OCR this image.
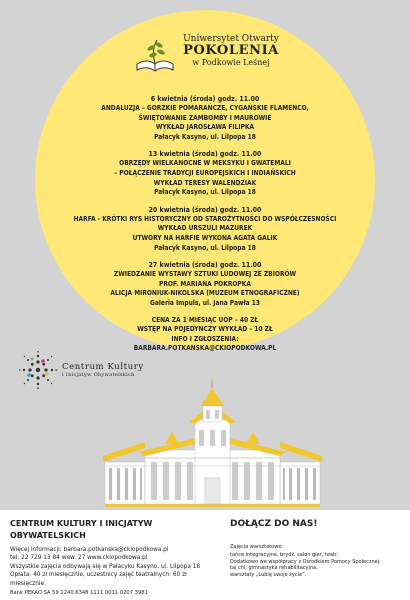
Uniwersytet Otwarty
POKOLENIA
w Podkowie Leśnej
6 kwietnia (środa) godz. 11.00
ANDALUZJA – GORZKIE POMARAŃCZE, CYGAŃSKIE FLAMENCO,
ŚWIĘTOWANIE ZAMBOMBY I MAUROWIE
WYKŁAD JAROSŁAWA FILIPKA
Pałacyk Kasyno, ul. Lilpopa 18
13 kwietnia (środa) godz. 11.00
OBRZĘDY WIELKANOCNE W MEKSYKU I GWATEMALI
– POŁĄCZENIE TRADYCJI EUROPEJSKICH I INDIAŃSKICH
WYKŁAD TERESY WALENDZIAK
Pałacyk Kasyno, ul. Lilpopa 18
20 kwietnia (środa) godz. 11.00
HARFA - KRÓTKI RYS HISTORYCZNY OD STAROŻYTNOŚCI DO WSPÓŁCZESNOŚCI
WYKŁAD URSZULI MAZUREK
UTWORY NA HARFIE WYKONA AGATA GALIK
Pałacyk Kasyno, ul. Lilpopa 18
27 kwietnia (środa) godz. 11.00
ZWIEDZANIE WYSTAWY SZTUKI LUDOWEJ ZE ZBIORÓW
PROF. MARIANA POKROPKA
ALICJA MIRONIUK-NIKOLSKA (MUZEUM ETNOGRAFICZNE)
Galeria Impuls, ul. Jana Pawła 13
CENA ZA 1 MIESIĄC UOP – 40 ZŁ
WSTĘP NA POJEDYNCZY WYKŁAD – 10 ZŁ
INFO I ZGŁOSZENIA:
BARBARA.POTKANSKA@CKIOPODKOWA.PL
Centrum Kultury
i Inicjatyw Obywatelskich
CENTRUM KULTURY I INICJATYW OBYWATELSKICH
Więcej informacji: barbara.potkanska@ckiopodkowa.pl
tel. 22 729 13 84 wew. 27 www.ckiopodkowa.pl
Wszystkie zajęcia odbywają się w Pałacyku Kasyno, ul. Lilpopa 18
Opłata: 40 zł miesięcznie, uczestnicy zajęć teatralnych: 60 zł miesięcznie.
Bank PEKAO SA 59 1240 6348 1111 0011 0207 3981
DOŁĄCZ DO NAS!
Zajęcia warsztatowe:
tańce integracyjne, brydż, salon gier, teatr.
Dodatkowo we współpracy z Ośrodkiem Pomocy Społecznej:
tai chi, gimnastyka rehabilitacyjna,
warsztaty „Lubię swoje życie”.
